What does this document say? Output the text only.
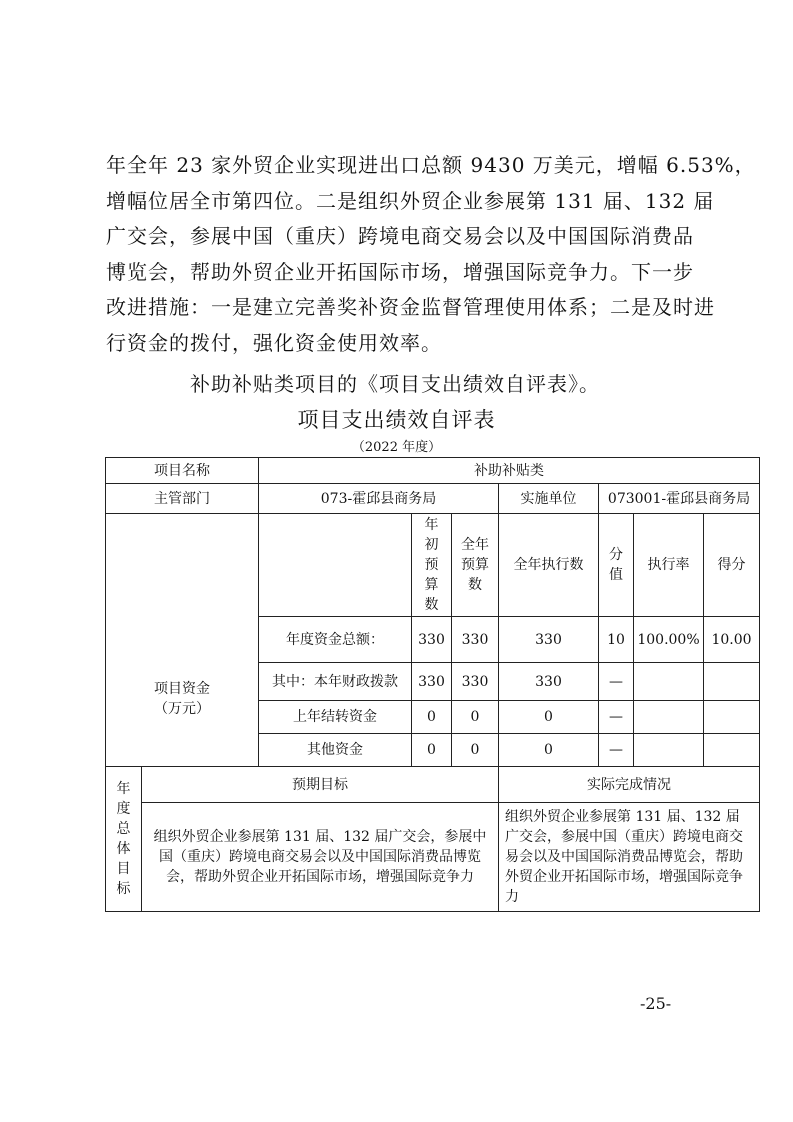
年全年 23 家外贸企业实现进出口总额 9430 万美元，增幅 6.53%，

增幅位居全市第四位。二是组织外贸企业参展第 131 届、132 届

广交会，参展中国（重庆）跨境电商交易会以及中国国际消费品

博览会，帮助外贸企业开拓国际市场，增强国际竞争力。下一步

改进措施：一是建立完善奖补资金监督管理使用体系；二是及时进

行资金的拨付，强化资金使用效率。

补助补贴类项目的《项目支出绩效自评表》。
项目支出绩效自评表
（2022 年度）
项目名称		补助补贴类						
主管部门		073-霍邱县商务局			实施单位	073001-霍邱县商务局		

项目资金
（万元）			年初预算数	全年预算数	全年执行数	分值	执行率	得分
		年度资金总额：	330	330	330	10	100.00%	10.00
		其中：本年财政拨款	330	330	330	—		
		上年结转资金	0	0	0	—		
		其他资金	0	0	0	—		

年度总体目标	预期目标				实际完成情况			

	组织外贸企业参展第 131 届、132 届广交会，参展中国（重庆）跨境电商交易会以及中国国际消费品博览会，帮助外贸企业开拓国际市场，增强国际竞争力				组织外贸企业参展第 131 届、132 届广交会，参展中国（重庆）跨境电商交易会以及中国国际消费品博览会，帮助外贸企业开拓国际市场，增强国际竞争力			
-25-
